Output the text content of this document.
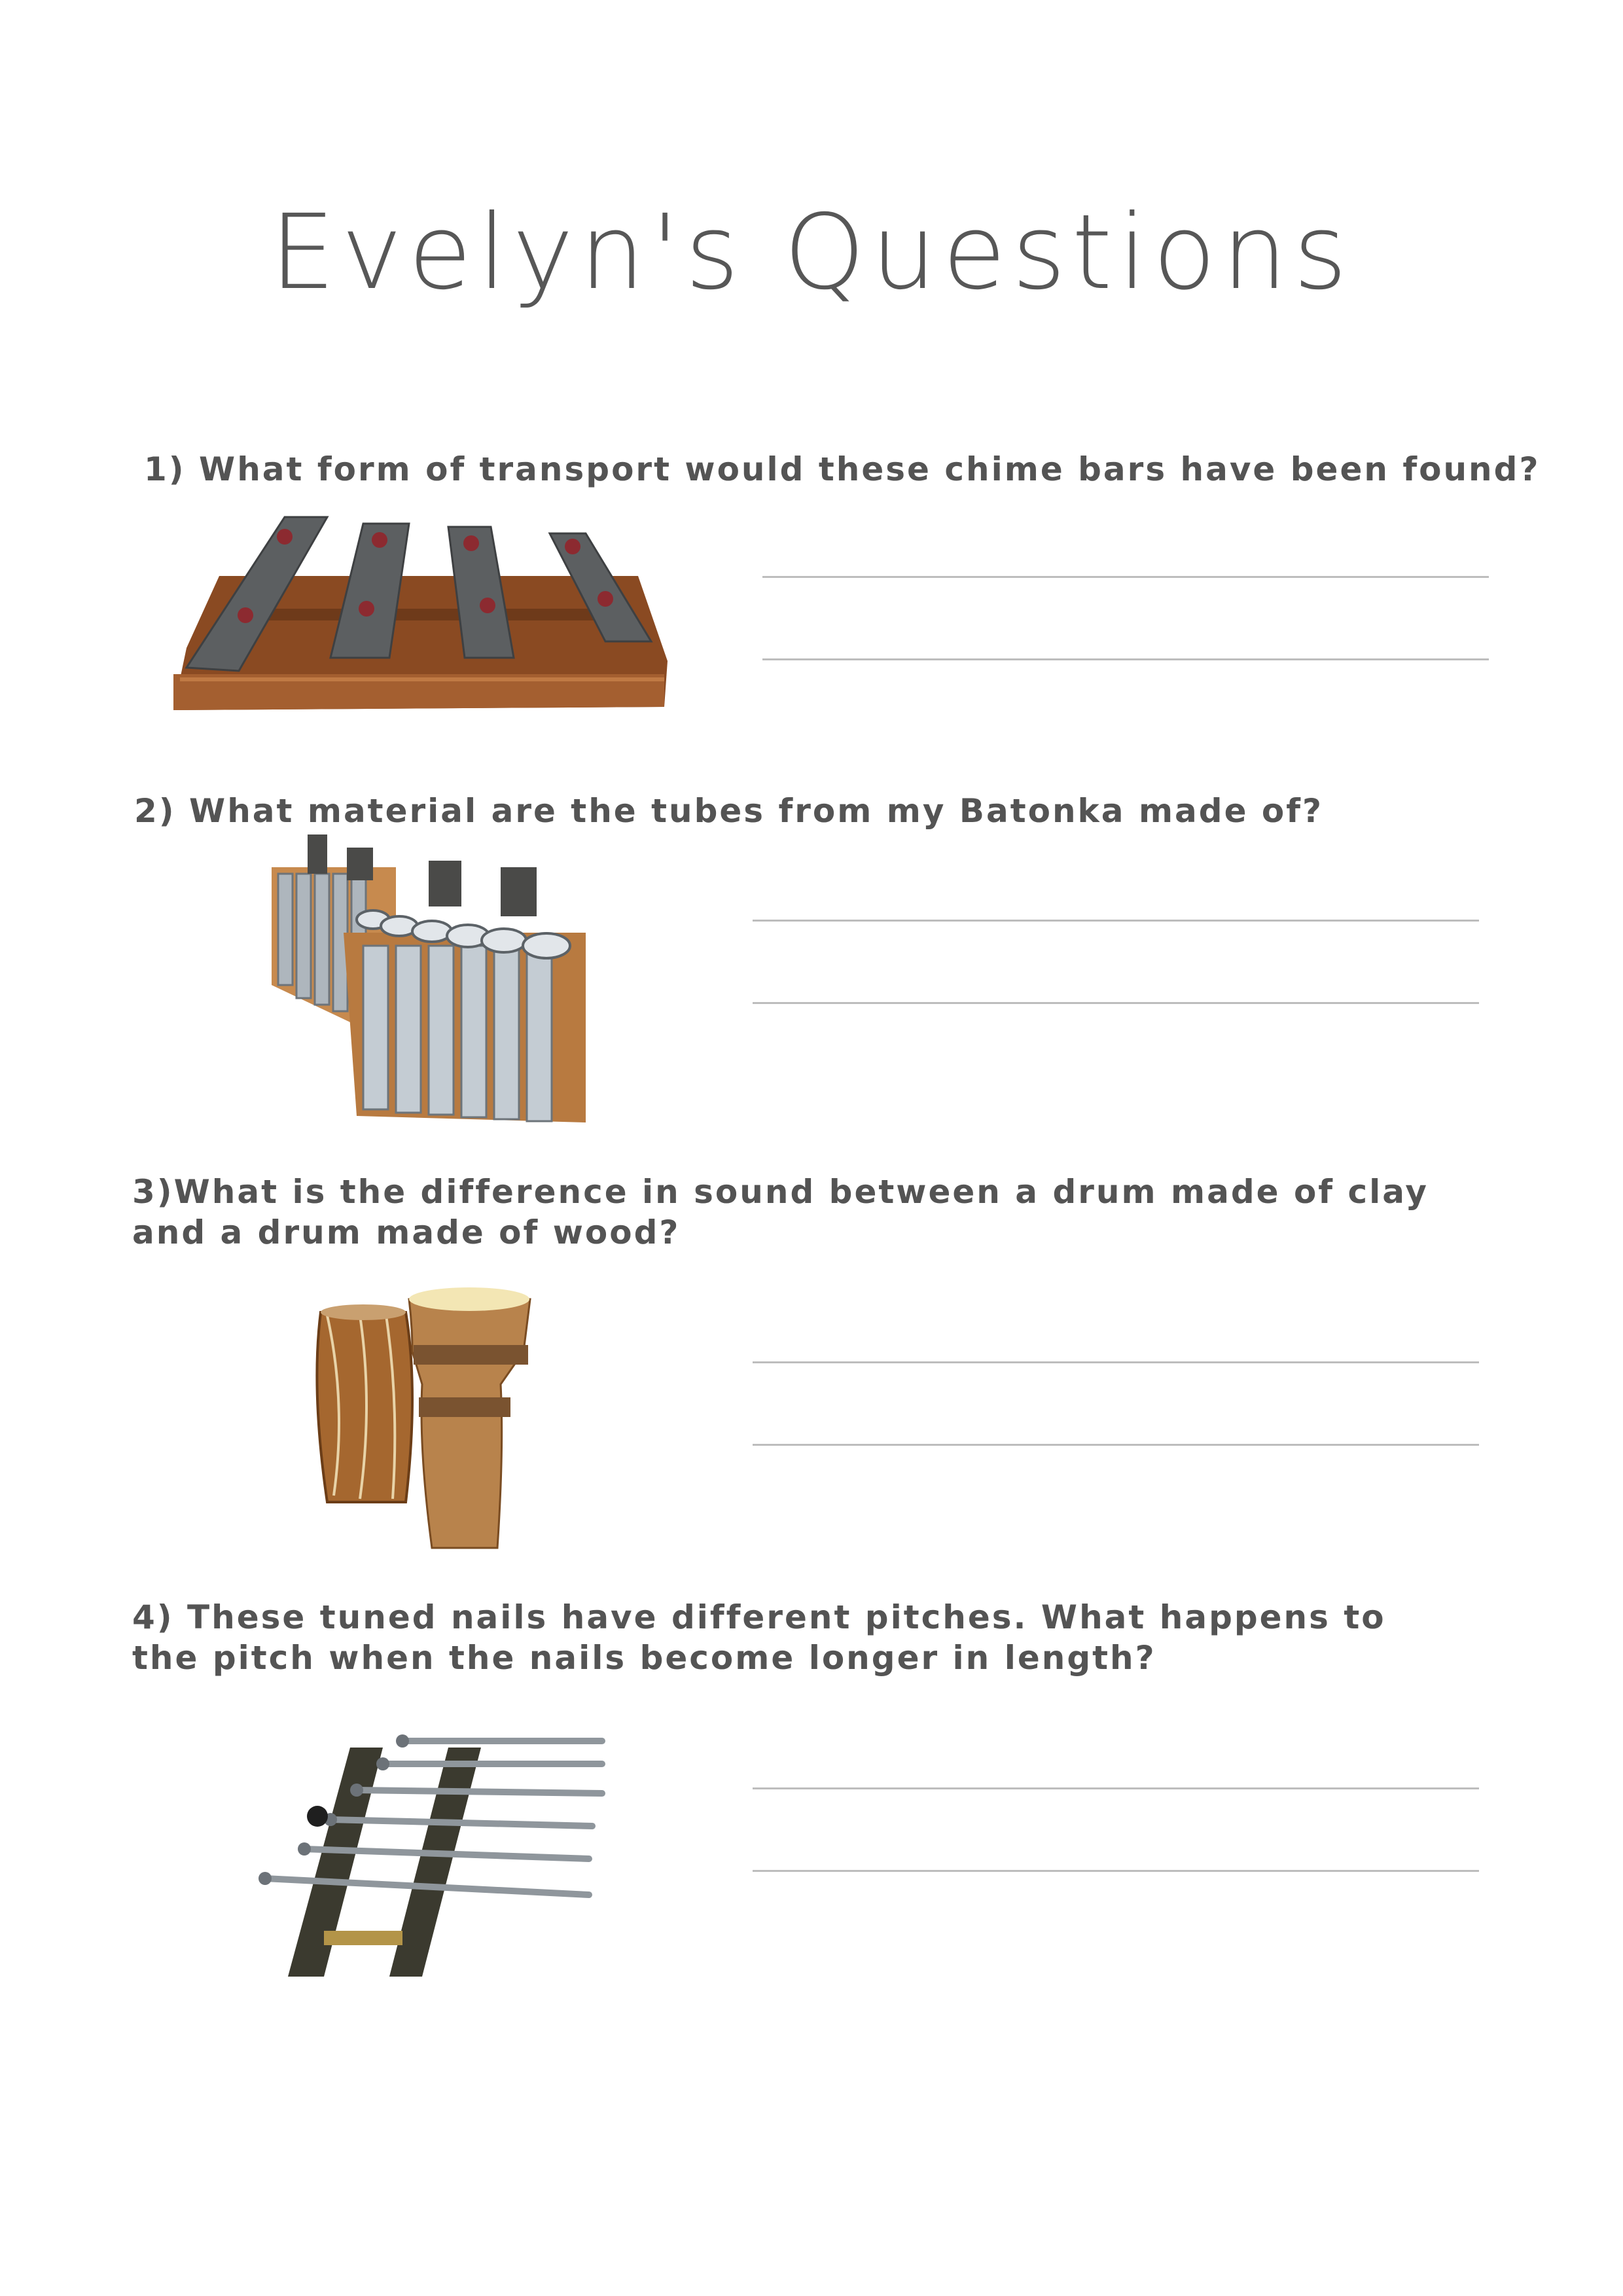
Evelyn's Questions

1) What form of transport would these chime bars have been found?

2) What material are the tubes from my Batonka made of?

3)What is the difference in sound between a drum made of clay

and a drum made of wood?

4) These tuned nails have different pitches. What happens to

the pitch when the nails become longer in length?
